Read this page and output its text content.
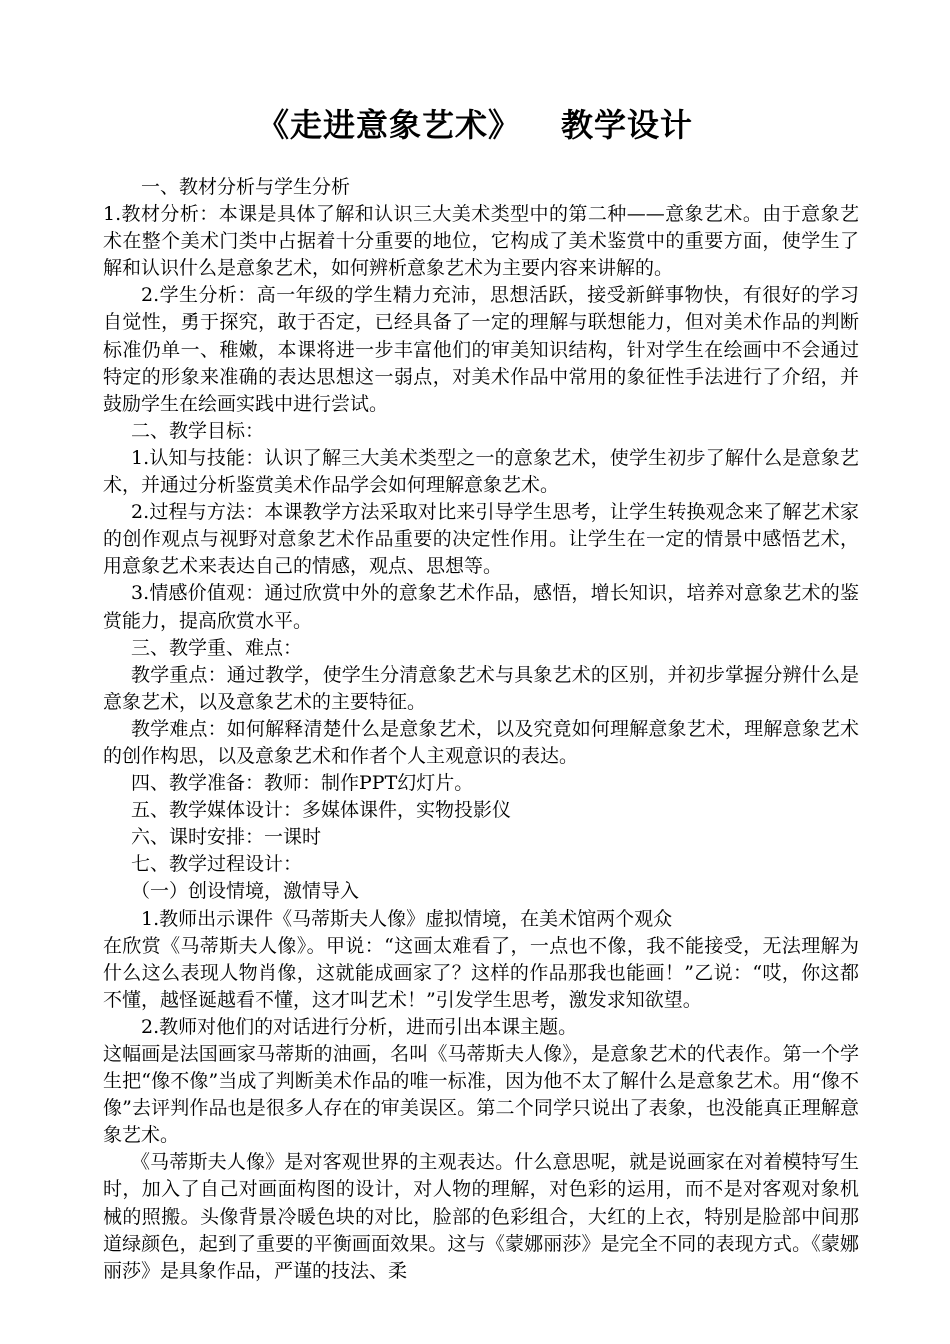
《走进意象艺术》 教学设计

一、教材分析与学生分析

1.教材分析：本课是具体了解和认识三大美术类型中的第二种——意象艺术。由于意象艺术在整个美术门类中占据着十分重要的地位，它构成了美术鉴赏中的重要方面，使学生了解和认识什么是意象艺术，如何辨析意象艺术为主要内容来讲解的。

2.学生分析：高一年级的学生精力充沛，思想活跃，接受新鲜事物快，有很好的学习自觉性，勇于探究，敢于否定，已经具备了一定的理解与联想能力，但对美术作品的判断标准仍单一、稚嫩，本课将进一步丰富他们的审美知识结构，针对学生在绘画中不会通过特定的形象来准确的表达思想这一弱点，对美术作品中常用的象征性手法进行了介绍，并鼓励学生在绘画实践中进行尝试。

二、教学目标：

1.认知与技能：认识了解三大美术类型之一的意象艺术，使学生初步了解什么是意象艺术，并通过分析鉴赏美术作品学会如何理解意象艺术。

2.过程与方法：本课教学方法采取对比来引导学生思考，让学生转换观念来了解艺术家的创作观点与视野对意象艺术作品重要的决定性作用。让学生在一定的情景中感悟艺术，用意象艺术来表达自己的情感，观点、思想等。

3.情感价值观：通过欣赏中外的意象艺术作品，感悟，增长知识，培养对意象艺术的鉴赏能力，提高欣赏水平。

三、教学重、难点：

教学重点：通过教学，使学生分清意象艺术与具象艺术的区别，并初步掌握分辨什么是意象艺术，以及意象艺术的主要特征。

教学难点：如何解释清楚什么是意象艺术，以及究竟如何理解意象艺术，理解意象艺术的创作构思，以及意象艺术和作者个人主观意识的表达。

四、教学准备：教师：制作PPT幻灯片。

五、教学媒体设计：多媒体课件，实物投影仪

六、课时安排：一课时

七、教学过程设计：

（一）创设情境，激情导入

1.教师出示课件《马蒂斯夫人像》虚拟情境，在美术馆两个观众

在欣赏《马蒂斯夫人像》。甲说：“这画太难看了，一点也不像，我不能接受，无法理解为什么这么表现人物肖像，这就能成画家了？这样的作品那我也能画！”乙说：“哎，你这都不懂，越怪诞越看不懂，这才叫艺术！”引发学生思考，激发求知欲望。

2.教师对他们的对话进行分析，进而引出本课主题。

这幅画是法国画家马蒂斯的油画，名叫《马蒂斯夫人像》，是意象艺术的代表作。第一个学生把“像不像”当成了判断美术作品的唯一标准，因为他不太了解什么是意象艺术。用“像不像”去评判作品也是很多人存在的审美误区。第二个同学只说出了表象，也没能真正理解意象艺术。

《马蒂斯夫人像》是对客观世界的主观表达。什么意思呢，就是说画家在对着模特写生时，加入了自己对画面构图的设计，对人物的理解，对色彩的运用，而不是对客观对象机械的照搬。头像背景冷暖色块的对比，脸部的色彩组合，大红的上衣，特别是脸部中间那道绿颜色，起到了重要的平衡画面效果。这与《蒙娜丽莎》是完全不同的表现方式。《蒙娜丽莎》是具象作品，严谨的技法、柔
